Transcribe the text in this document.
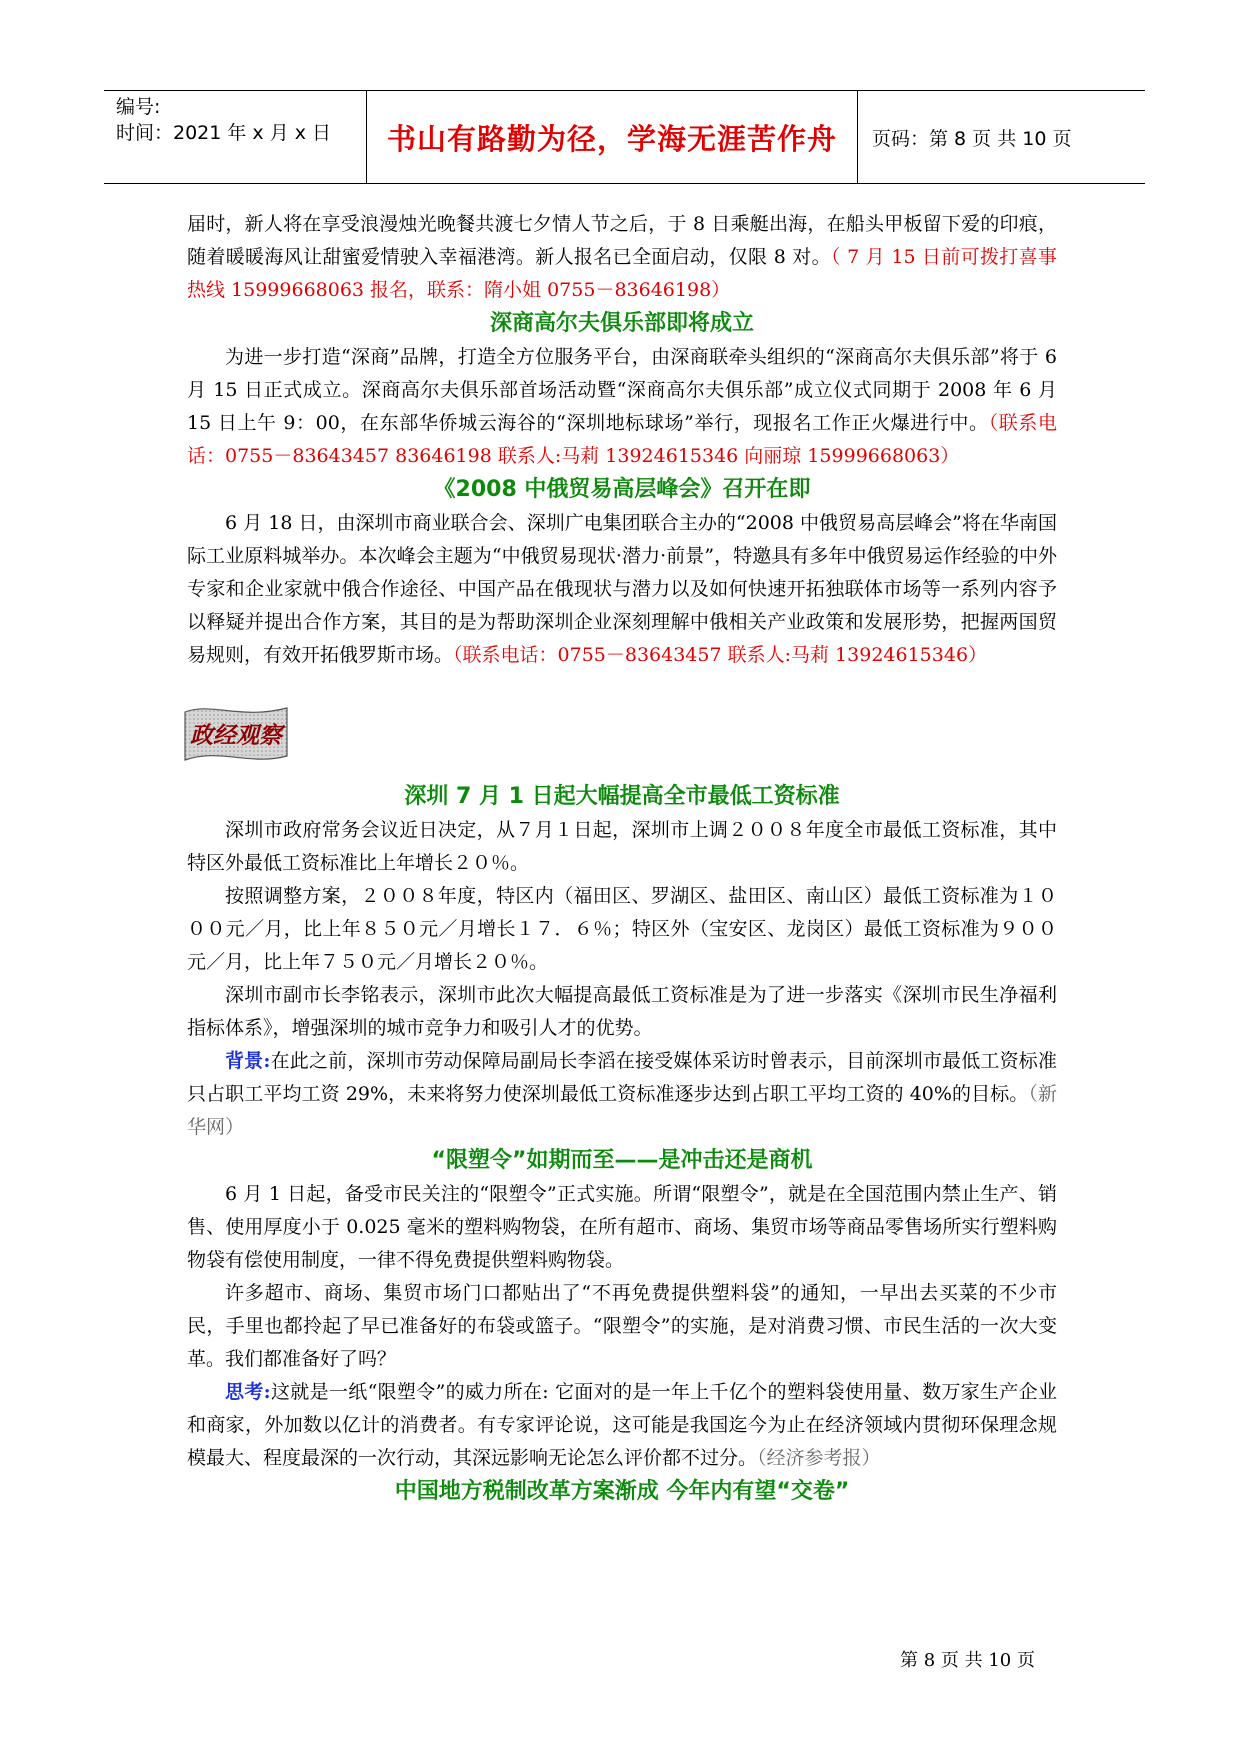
编号:
时间：2021 年 x 月 x 日	书山有路勤为径，学海无涯苦作舟	页码：第 8 页 共 10 页

届时，新人将在享受浪漫烛光晚餐共渡七夕情人节之后，于 8 日乘艇出海，在船头甲板留下爱的印痕，随着暖暖海风让甜蜜爱情驶入幸福港湾。新人报名已全面启动，仅限 8 对。（ 7 月 15 日前可拨打喜事热线 15999668063 报名，联系：隋小姐 0755－83646198）

深商高尔夫俱乐部即将成立

为进一步打造“深商”品牌，打造全方位服务平台，由深商联牵头组织的“深商高尔夫俱乐部”将于 6 月 15 日正式成立。深商高尔夫俱乐部首场活动暨“深商高尔夫俱乐部”成立仪式同期于 2008 年 6 月 15 日上午 9：00，在东部华侨城云海谷的“深圳地标球场”举行，现报名工作正火爆进行中。（联系电话：0755－83643457 83646198 联系人:马莉 13924615346 向丽琼 15999668063）

《2008 中俄贸易高层峰会》召开在即

6 月 18 日，由深圳市商业联合会、深圳广电集团联合主办的“2008 中俄贸易高层峰会”将在华南国际工业原料城举办。本次峰会主题为“中俄贸易现状·潜力·前景”，特邀具有多年中俄贸易运作经验的中外专家和企业家就中俄合作途径、中国产品在俄现状与潜力以及如何快速开拓独联体市场等一系列内容予以释疑并提出合作方案，其目的是为帮助深圳企业深刻理解中俄相关产业政策和发展形势，把握两国贸易规则，有效开拓俄罗斯市场。（联系电话：0755－83643457 联系人:马莉 13924615346）

政经观察
深圳 7 月 1 日起大幅提高全市最低工资标准

深圳市政府常务会议近日决定，从７月１日起，深圳市上调２００８年度全市最低工资标准，其中特区外最低工资标准比上年增长２０％。

按照调整方案，２００８年度，特区内（福田区、罗湖区、盐田区、南山区）最低工资标准为１０００元／月，比上年８５０元／月增长１７．６％；特区外（宝安区、龙岗区）最低工资标准为９００元／月，比上年７５０元／月增长２０％。

深圳市副市长李铭表示，深圳市此次大幅提高最低工资标准是为了进一步落实《深圳市民生净福利指标体系》，增强深圳的城市竞争力和吸引人才的优势。

背景:在此之前，深圳市劳动保障局副局长李滔在接受媒体采访时曾表示，目前深圳市最低工资标准只占职工平均工资 29%，未来将努力使深圳最低工资标准逐步达到占职工平均工资的 40%的目标。（新华网）

“限塑令”如期而至——是冲击还是商机

6 月 1 日起，备受市民关注的“限塑令”正式实施。所谓“限塑令”，就是在全国范围内禁止生产、销售、使用厚度小于 0.025 毫米的塑料购物袋，在所有超市、商场、集贸市场等商品零售场所实行塑料购物袋有偿使用制度，一律不得免费提供塑料购物袋。

许多超市、商场、集贸市场门口都贴出了“不再免费提供塑料袋”的通知，一早出去买菜的不少市民，手里也都拎起了早已准备好的布袋或篮子。“限塑令”的实施，是对消费习惯、市民生活的一次大变革。我们都准备好了吗？

思考:这就是一纸“限塑令”的威力所在: 它面对的是一年上千亿个的塑料袋使用量、数万家生产企业和商家，外加数以亿计的消费者。有专家评论说，这可能是我国迄今为止在经济领域内贯彻环保理念规模最大、程度最深的一次行动，其深远影响无论怎么评价都不过分。（经济参考报）

中国地方税制改革方案渐成 今年内有望“交卷”
第 8 页 共 10 页
